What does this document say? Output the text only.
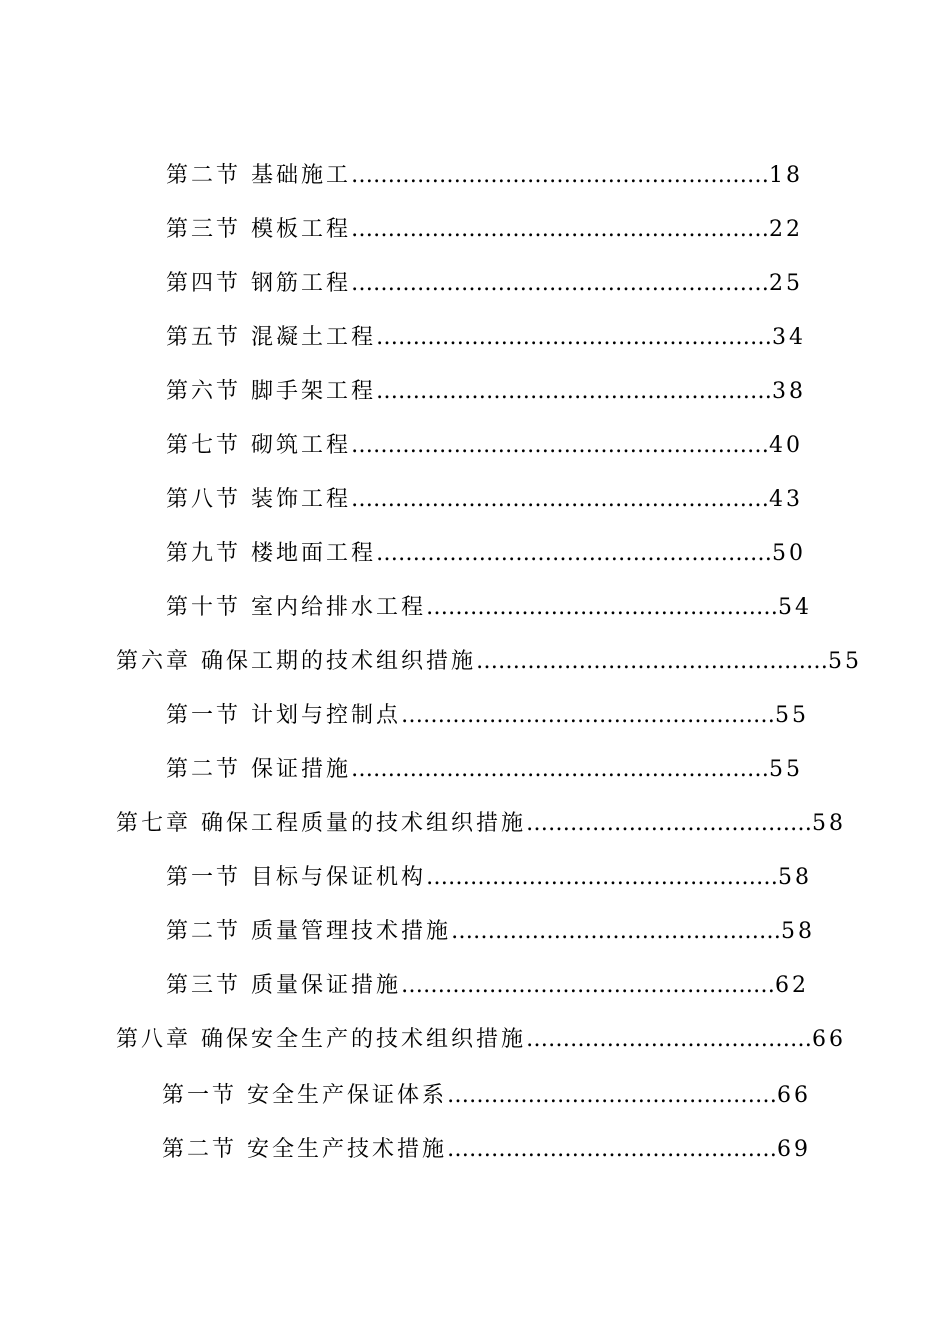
第二节 基础施工…………………………………………………18
第三节 模板工程…………………………………………………22
第四节 钢筋工程…………………………………………………25
第五节 混凝土工程………………………………………………34
第六节 脚手架工程………………………………………………38
第七节 砌筑工程…………………………………………………40
第八节 装饰工程…………………………………………………43
第九节 楼地面工程………………………………………………50
第十节 室内给排水工程…………………………………………54
第六章 确保工期的技术组织措施…………………………………………55
第一节 计划与控制点……………………………………………55
第二节 保证措施…………………………………………………55
第七章 确保工程质量的技术组织措施…………………………………58
第一节 目标与保证机构…………………………………………58
第二节 质量管理技术措施………………………………………58
第三节 质量保证措施……………………………………………62
第八章 确保安全生产的技术组织措施…………………………………66
第一节 安全生产保证体系………………………………………66
第二节 安全生产技术措施………………………………………69
